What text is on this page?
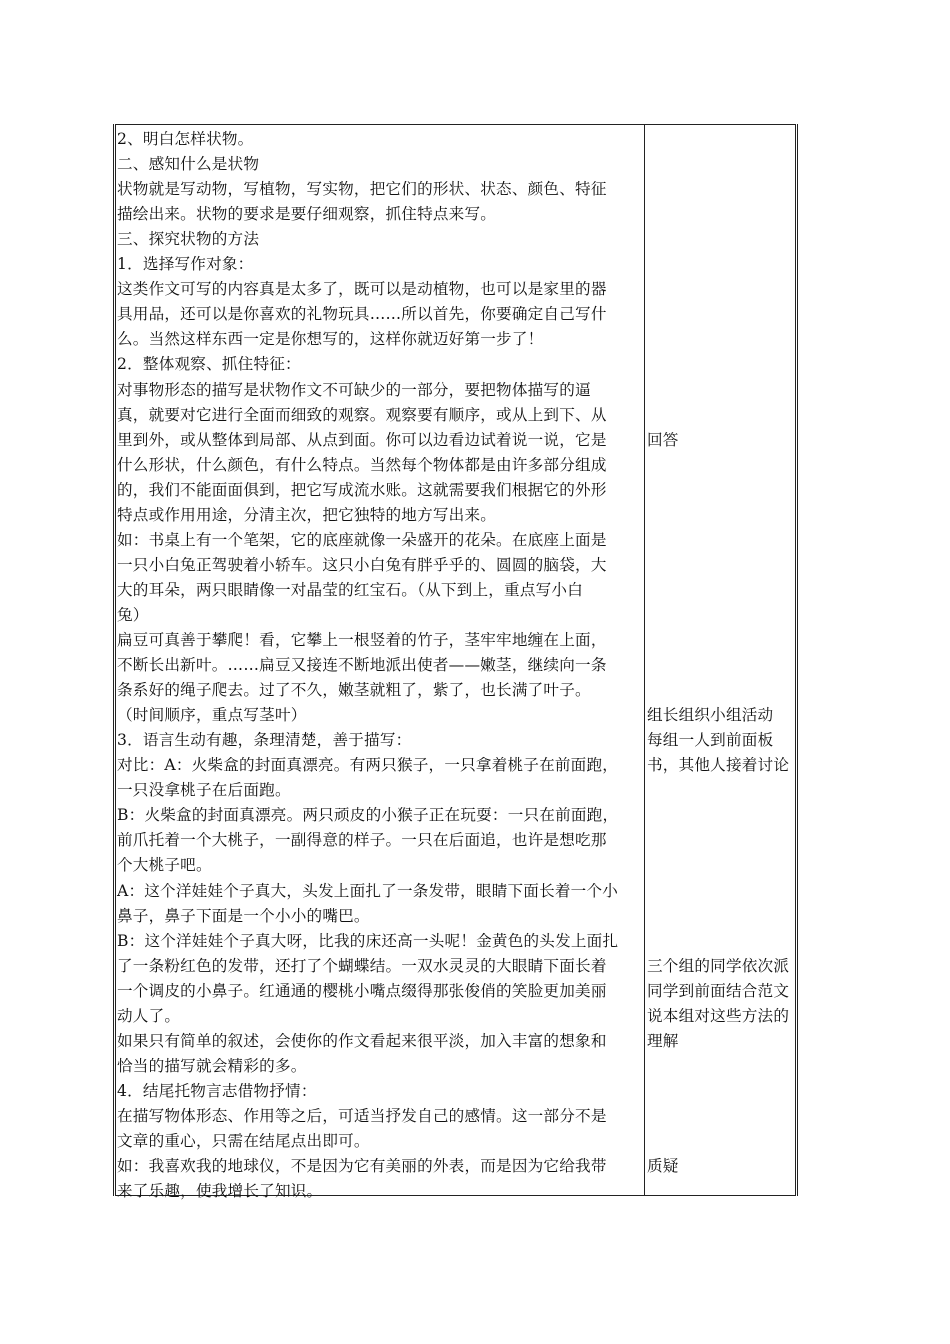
2、明白怎样状物。
二、感知什么是状物
状物就是写动物，写植物，写实物，把它们的形状、状态、颜色、特征
描绘出来。状物的要求是要仔细观察，抓住特点来写。
三、探究状物的方法
1．选择写作对象：
这类作文可写的内容真是太多了，既可以是动植物，也可以是家里的器
具用品，还可以是你喜欢的礼物玩具……所以首先，你要确定自己写什
么。当然这样东西一定是你想写的，这样你就迈好第一步了！
2．整体观察、抓住特征：
对事物形态的描写是状物作文不可缺少的一部分，要把物体描写的逼
真，就要对它进行全面而细致的观察。观察要有顺序，或从上到下、从
里到外，或从整体到局部、从点到面。你可以边看边试着说一说，它是
什么形状，什么颜色，有什么特点。当然每个物体都是由许多部分组成
的，我们不能面面俱到，把它写成流水账。这就需要我们根据它的外形
特点或作用用途，分清主次，把它独特的地方写出来。
如：书桌上有一个笔架，它的底座就像一朵盛开的花朵。在底座上面是
一只小白兔正驾驶着小轿车。这只小白兔有胖乎乎的、圆圆的脑袋，大
大的耳朵，两只眼睛像一对晶莹的红宝石。（从下到上，重点写小白
兔）
扁豆可真善于攀爬！看，它攀上一根竖着的竹子，茎牢牢地缠在上面，
不断长出新叶。……扁豆又接连不断地派出使者——嫩茎，继续向一条
条系好的绳子爬去。过了不久，嫩茎就粗了，紫了，也长满了叶子。
（时间顺序，重点写茎叶）
3．语言生动有趣，条理清楚，善于描写：
对比：A：火柴盒的封面真漂亮。有两只猴子，一只拿着桃子在前面跑，
一只没拿桃子在后面跑。
B：火柴盒的封面真漂亮。两只顽皮的小猴子正在玩耍：一只在前面跑，
前爪托着一个大桃子，一副得意的样子。一只在后面追，也许是想吃那
个大桃子吧。
A：这个洋娃娃个子真大，头发上面扎了一条发带，眼睛下面长着一个小
鼻子，鼻子下面是一个小小的嘴巴。
B：这个洋娃娃个子真大呀，比我的床还高一头呢！金黄色的头发上面扎
了一条粉红色的发带，还打了个蝴蝶结。一双水灵灵的大眼睛下面长着
一个调皮的小鼻子。红通通的樱桃小嘴点缀得那张俊俏的笑脸更加美丽
动人了。
如果只有简单的叙述，会使你的作文看起来很平淡，加入丰富的想象和
恰当的描写就会精彩的多。
4．结尾托物言志借物抒情：
在描写物体形态、作用等之后，可适当抒发自己的感情。这一部分不是
文章的重心，只需在结尾点出即可。
如：我喜欢我的地球仪，不是因为它有美丽的外表，而是因为它给我带
来了乐趣，使我增长了知识。
回答
组长组织小组活动
每组一人到前面板
书，其他人接着讨论
三个组的同学依次派
同学到前面结合范文
说本组对这些方法的
理解
质疑
